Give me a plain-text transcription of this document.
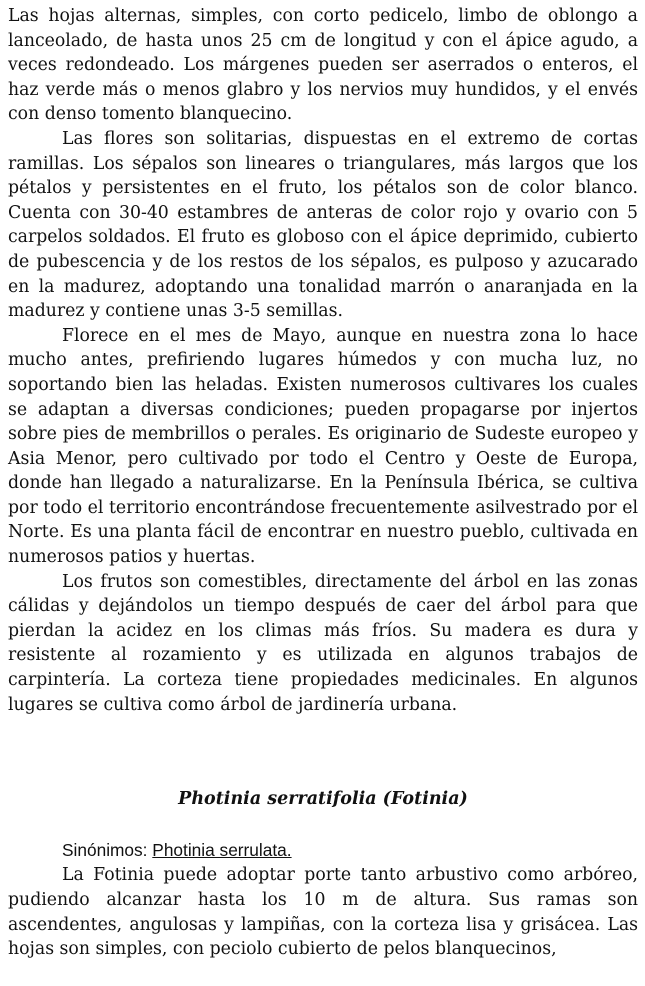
Las hojas alternas, simples, con corto pedicelo, limbo de oblongo a lanceolado, de hasta unos 25 cm de longitud y con el ápice agudo, a veces redondeado. Los márgenes pueden ser aserrados o enteros, el haz verde más o menos glabro y los nervios muy hundidos, y el envés con denso tomento blanquecino.

Las flores son solitarias, dispuestas en el extremo de cortas ramillas. Los sépalos son lineares o triangulares, más largos que los pétalos y persistentes en el fruto, los pétalos son de color blanco. Cuenta con 30-40 estambres de anteras de color rojo y ovario con 5 carpelos soldados. El fruto es globoso con el ápice deprimido, cubierto de pubescencia y de los restos de los sépalos, es pulposo y azucarado en la madurez, adoptando una tonalidad marrón o anaranjada en la madurez y contiene unas 3-5 semillas.

Florece en el mes de Mayo, aunque en nuestra zona lo hace mucho antes, prefiriendo lugares húmedos y con mucha luz, no soportando bien las heladas. Existen numerosos cultivares los cuales se adaptan a diversas condiciones; pueden propagarse por injertos sobre pies de membrillos o perales. Es originario de Sudeste europeo y Asia Menor, pero cultivado por todo el Centro y Oeste de Europa, donde han llegado a naturalizarse. En la Península Ibérica, se cultiva por todo el territorio encontrándose frecuentemente asilvestrado por el Norte. Es una planta fácil de encontrar en nuestro pueblo, cultivada en numerosos patios y huertas.

Los frutos son comestibles, directamente del árbol en las zonas cálidas y dejándolos un tiempo después de caer del árbol para que pierdan la acidez en los climas más fríos. Su madera es dura y resistente al rozamiento y es utilizada en algunos trabajos de carpintería. La corteza tiene propiedades medicinales. En algunos lugares se cultiva como árbol de jardinería urbana.

Photinia serratifolia (Fotinia)

Sinónimos: Photinia serrulata.

La Fotinia puede adoptar porte tanto arbustivo como arbóreo, pudiendo alcanzar hasta los 10 m de altura. Sus ramas son ascendentes, angulosas y lampiñas, con la corteza lisa y grisácea. Las hojas son simples, con peciolo cubierto de pelos blanquecinos,
